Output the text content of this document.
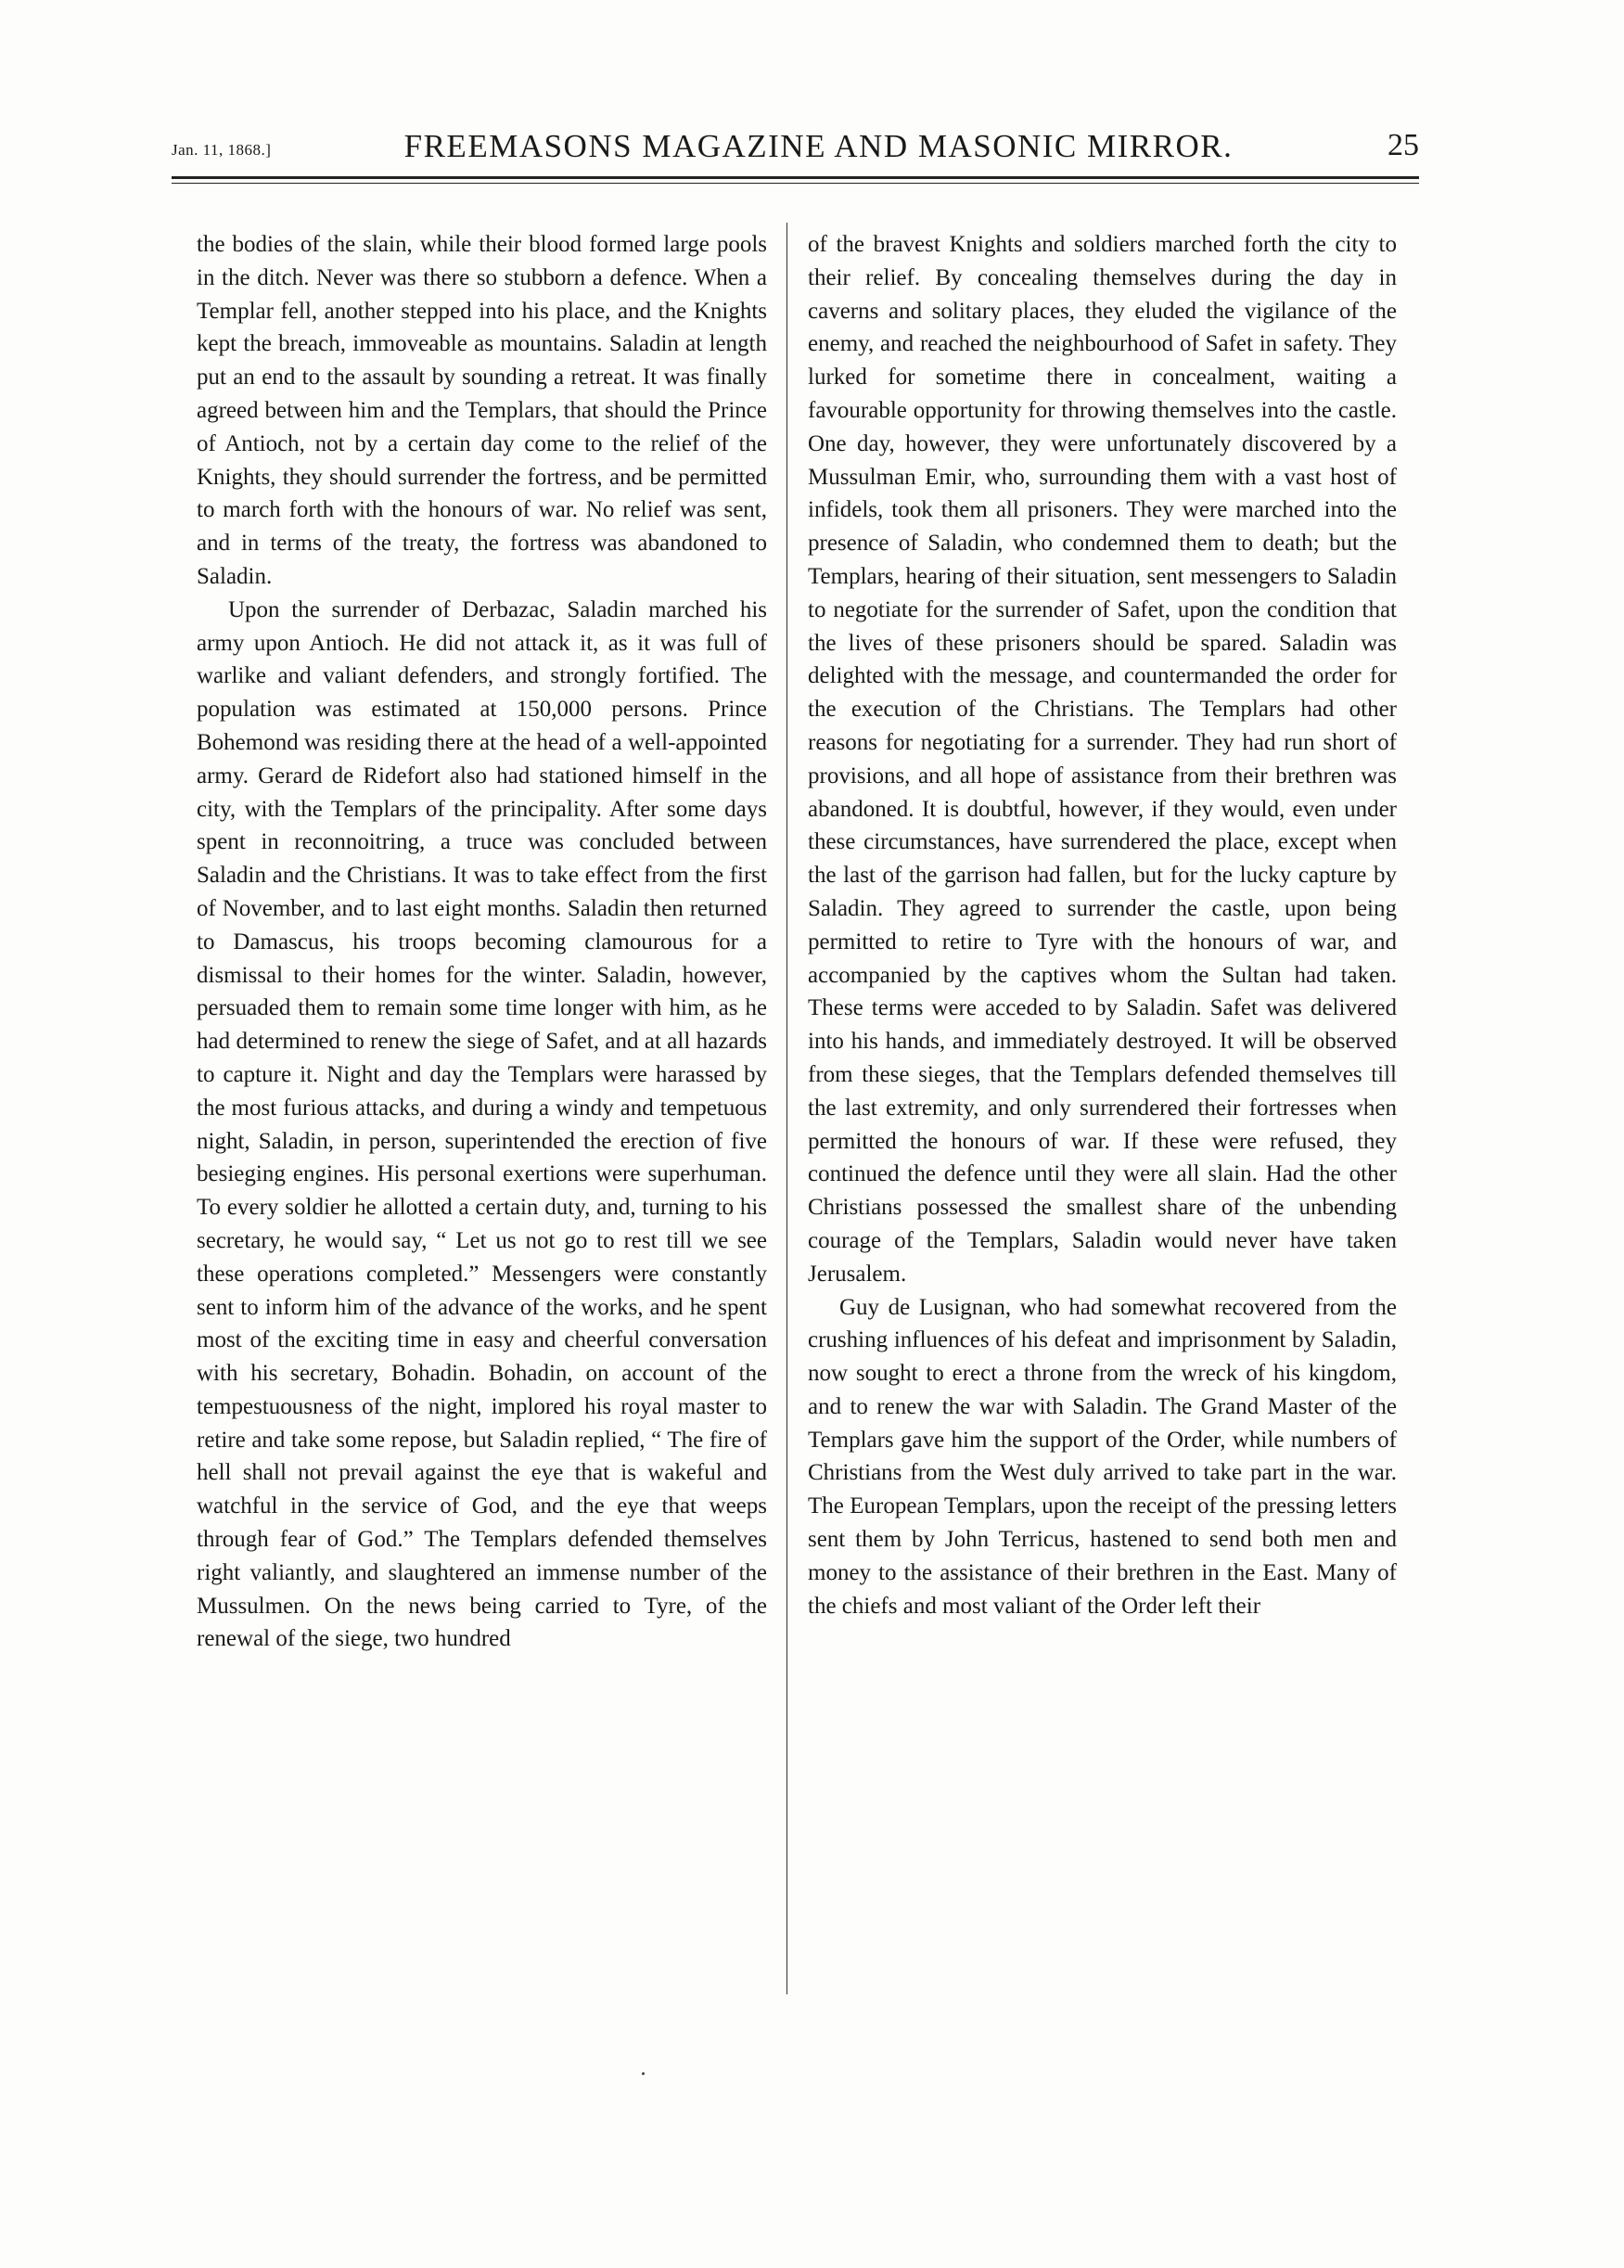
Jan. 11, 1868.]	FREEMASONS MAGAZINE AND MASONIC MIRROR.	25

the bodies of the slain, while their blood formed large pools in the ditch. Never was there so stubborn a defence. When a Templar fell, another stepped into his place, and the Knights kept the breach, immoveable as mountains. Saladin at length put an end to the assault by sounding a retreat. It was finally agreed between him and the Templars, that should the Prince of Antioch, not by a certain day come to the relief of the Knights, they should surrender the fortress, and be permitted to march forth with the honours of war. No relief was sent, and in terms of the treaty, the fortress was abandoned to Saladin.

Upon the surrender of Derbazac, Saladin marched his army upon Antioch. He did not attack it, as it was full of warlike and valiant defenders, and strongly fortified. The population was estimated at 150,000 persons. Prince Bohemond was residing there at the head of a well-appointed army. Gerard de Ridefort also had stationed himself in the city, with the Templars of the principality. After some days spent in reconnoitring, a truce was concluded between Saladin and the Christians. It was to take effect from the first of November, and to last eight months. Saladin then returned to Damascus, his troops becoming clamourous for a dismissal to their homes for the winter. Saladin, however, persuaded them to remain some time longer with him, as he had determined to renew the siege of Safet, and at all hazards to capture it. Night and day the Templars were harassed by the most furious attacks, and during a windy and tempetuous night, Saladin, in person, superintended the erection of five besieging engines. His personal exertions were superhuman. To every soldier he allotted a certain duty, and, turning to his secretary, he would say, “ Let us not go to rest till we see these operations completed.” Messengers were constantly sent to inform him of the advance of the works, and he spent most of the exciting time in easy and cheerful conversation with his secretary, Bohadin. Bohadin, on account of the tempestuousness of the night, implored his royal master to retire and take some repose, but Saladin replied, “ The fire of hell shall not prevail against the eye that is wakeful and watchful in the service of God, and the eye that weeps through fear of God.” The Templars defended themselves right valiantly, and slaughtered an immense number of the Mussulmen. On the news being carried to Tyre, of the renewal of the siege, two hundred

of the bravest Knights and soldiers marched forth the city to their relief. By concealing themselves during the day in caverns and solitary places, they eluded the vigilance of the enemy, and reached the neighbourhood of Safet in safety. They lurked for sometime there in concealment, waiting a favourable opportunity for throwing themselves into the castle. One day, however, they were unfortunately discovered by a Mussulman Emir, who, surrounding them with a vast host of infidels, took them all prisoners. They were marched into the presence of Saladin, who condemned them to death; but the Templars, hearing of their situation, sent messengers to Saladin to negotiate for the surrender of Safet, upon the condition that the lives of these prisoners should be spared. Saladin was delighted with the message, and countermanded the order for the execution of the Christians. The Templars had other reasons for negotiating for a surrender. They had run short of provisions, and all hope of assistance from their brethren was abandoned. It is doubtful, however, if they would, even under these circumstances, have surrendered the place, except when the last of the garrison had fallen, but for the lucky capture by Saladin. They agreed to surrender the castle, upon being permitted to retire to Tyre with the honours of war, and accompanied by the captives whom the Sultan had taken. These terms were acceded to by Saladin. Safet was delivered into his hands, and immediately destroyed. It will be observed from these sieges, that the Templars defended themselves till the last extremity, and only surrendered their fortresses when permitted the honours of war. If these were refused, they continued the defence until they were all slain. Had the other Christians possessed the smallest share of the unbending courage of the Templars, Saladin would never have taken Jerusalem.

Guy de Lusignan, who had somewhat recovered from the crushing influences of his defeat and imprisonment by Saladin, now sought to erect a throne from the wreck of his kingdom, and to renew the war with Saladin. The Grand Master of the Templars gave him the support of the Order, while numbers of Christians from the West duly arrived to take part in the war. The European Templars, upon the receipt of the pressing letters sent them by John Terricus, hastened to send both men and money to the assistance of their brethren in the East. Many of the chiefs and most valiant of the Order left their
